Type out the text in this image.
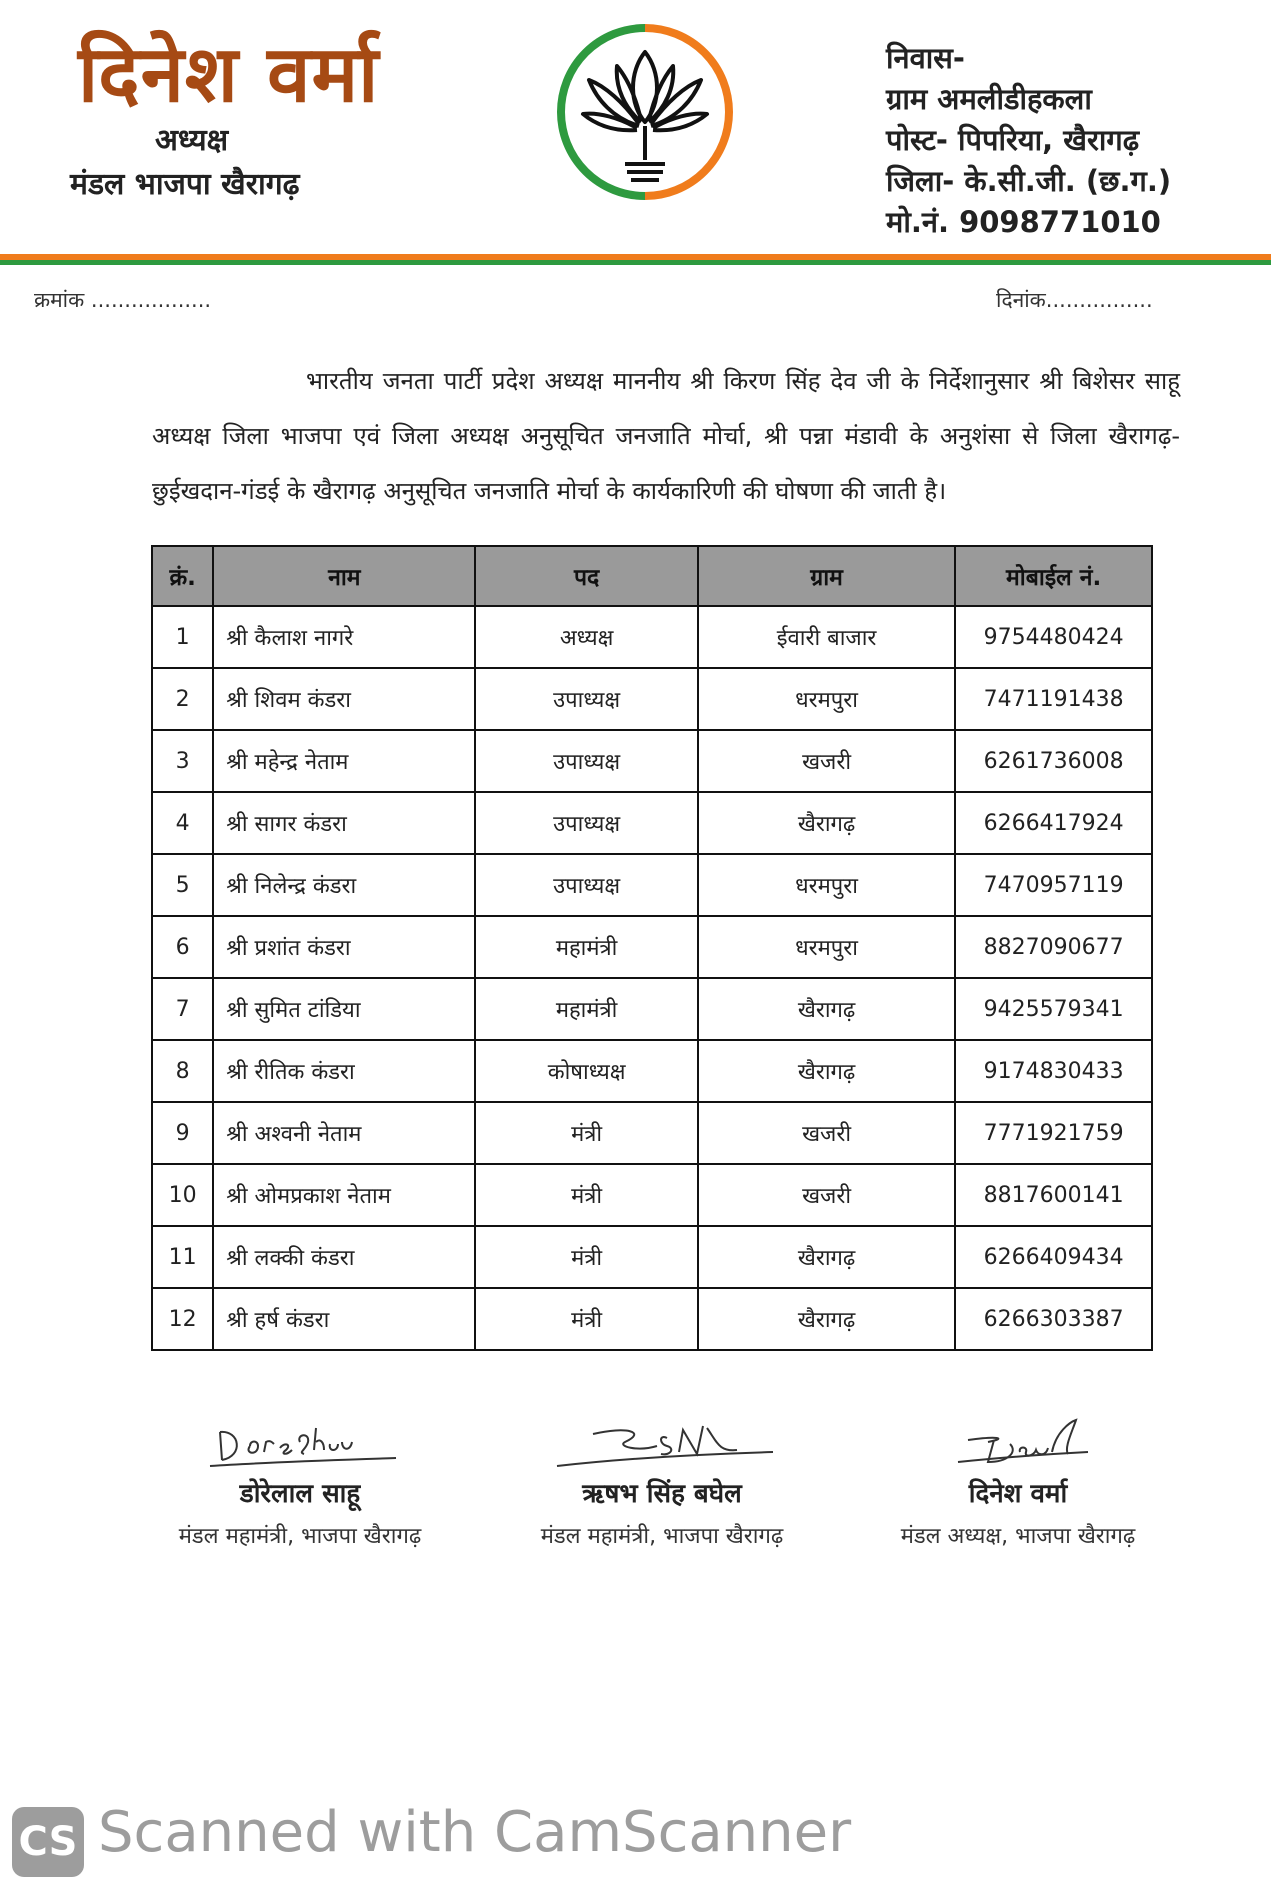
दिनेश वर्मा
अध्यक्ष
मंडल भाजपा खैरागढ़
निवास-
ग्राम अमलीडीहकला
पोस्ट- पिपरिया, खैरागढ़
जिला- के.सी.जी. (छ.ग.)
मो.नं. 9098771010
क्रमांक ..................	दिनांक................
भारतीय जनता पार्टी प्रदेश अध्यक्ष माननीय श्री किरण सिंह देव जी के निर्देशानुसार श्री बिशेसर साहू अध्यक्ष जिला भाजपा एवं जिला अध्यक्ष अनुसूचित जनजाति मोर्चा, श्री पन्ना मंडावी के अनुशंसा से जिला खैरागढ़-छुईखदान-गंडई के खैरागढ़ अनुसूचित जनजाति मोर्चा के कार्यकारिणी की घोषणा की जाती है।
क्रं.	नाम	पद	ग्राम	मोबाईल नं.
1	श्री कैलाश नागरे	अध्यक्ष	ईवारी बाजार	9754480424
2	श्री शिवम कंडरा	उपाध्यक्ष	धरमपुरा	7471191438
3	श्री महेन्द्र नेताम	उपाध्यक्ष	खजरी	6261736008
4	श्री सागर कंडरा	उपाध्यक्ष	खैरागढ़	6266417924
5	श्री निलेन्द्र कंडरा	उपाध्यक्ष	धरमपुरा	7470957119
6	श्री प्रशांत कंडरा	महामंत्री	धरमपुरा	8827090677
7	श्री सुमित टांडिया	महामंत्री	खैरागढ़	9425579341
8	श्री रीतिक कंडरा	कोषाध्यक्ष	खैरागढ़	9174830433
9	श्री अश्वनी नेताम	मंत्री	खजरी	7771921759
10	श्री ओमप्रकाश नेताम	मंत्री	खजरी	8817600141
11	श्री लक्की कंडरा	मंत्री	खैरागढ़	6266409434
12	श्री हर्ष कंडरा	मंत्री	खैरागढ़	6266303387
डोरेलाल साहू
मंडल महामंत्री, भाजपा खैरागढ़
ऋषभ सिंह बघेल
मंडल महामंत्री, भाजपा खैरागढ़
दिनेश वर्मा
मंडल अध्यक्ष, भाजपा खैरागढ़
CS Scanned with CamScanner
